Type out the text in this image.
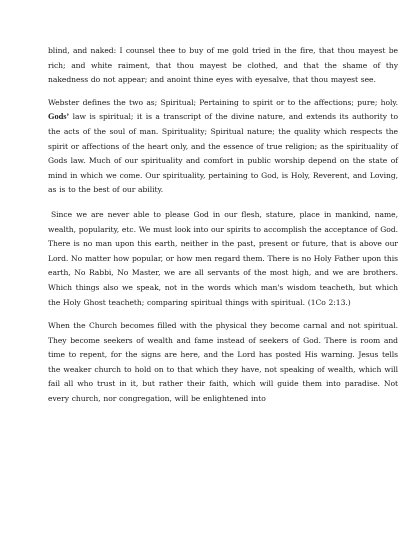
blind, and naked: I counsel thee to buy of me gold tried in the fire, that thou mayest be rich; and white raiment, that thou mayest be clothed, and that the shame of thy nakedness do not appear; and anoint thine eyes with eyesalve, that thou mayest see.

Webster defines the two as; Spiritual; Pertaining to spirit or to the affections; pure; holy. Gods’ law is spiritual; it is a transcript of the divine nature, and extends its authority to the acts of the soul of man. Spirituality; Spiritual nature; the quality which respects the spirit or affections of the heart only, and the essence of true religion; as the spirituality of Gods law. Much of our spirituality and comfort in public worship depend on the state of mind in which we come. Our spirituality, pertaining to God, is Holy, Reverent, and Loving, as is to the best of our ability.

Since we are never able to please God in our flesh, stature, place in mankind, name, wealth, popularity, etc. We must look into our spirits to accomplish the acceptance of God. There is no man upon this earth, neither in the past, present or future, that is above our Lord. No matter how popular, or how men regard them. There is no Holy Father upon this earth, No Rabbi, No Master, we are all servants of the most high, and we are brothers. Which things also we speak, not in the words which man's wisdom teacheth, but which the Holy Ghost teacheth; comparing spiritual things with spiritual. (1Co 2:13.)

When the Church becomes filled with the physical they become carnal and not spiritual. They become seekers of wealth and fame instead of seekers of God. There is room and time to repent, for the signs are here, and the Lord has posted His warning. Jesus tells the weaker church to hold on to that which they have, not speaking of wealth, which will fail all who trust in it, but rather their faith, which will guide them into paradise. Not every church, nor congregation, will be enlightened into
